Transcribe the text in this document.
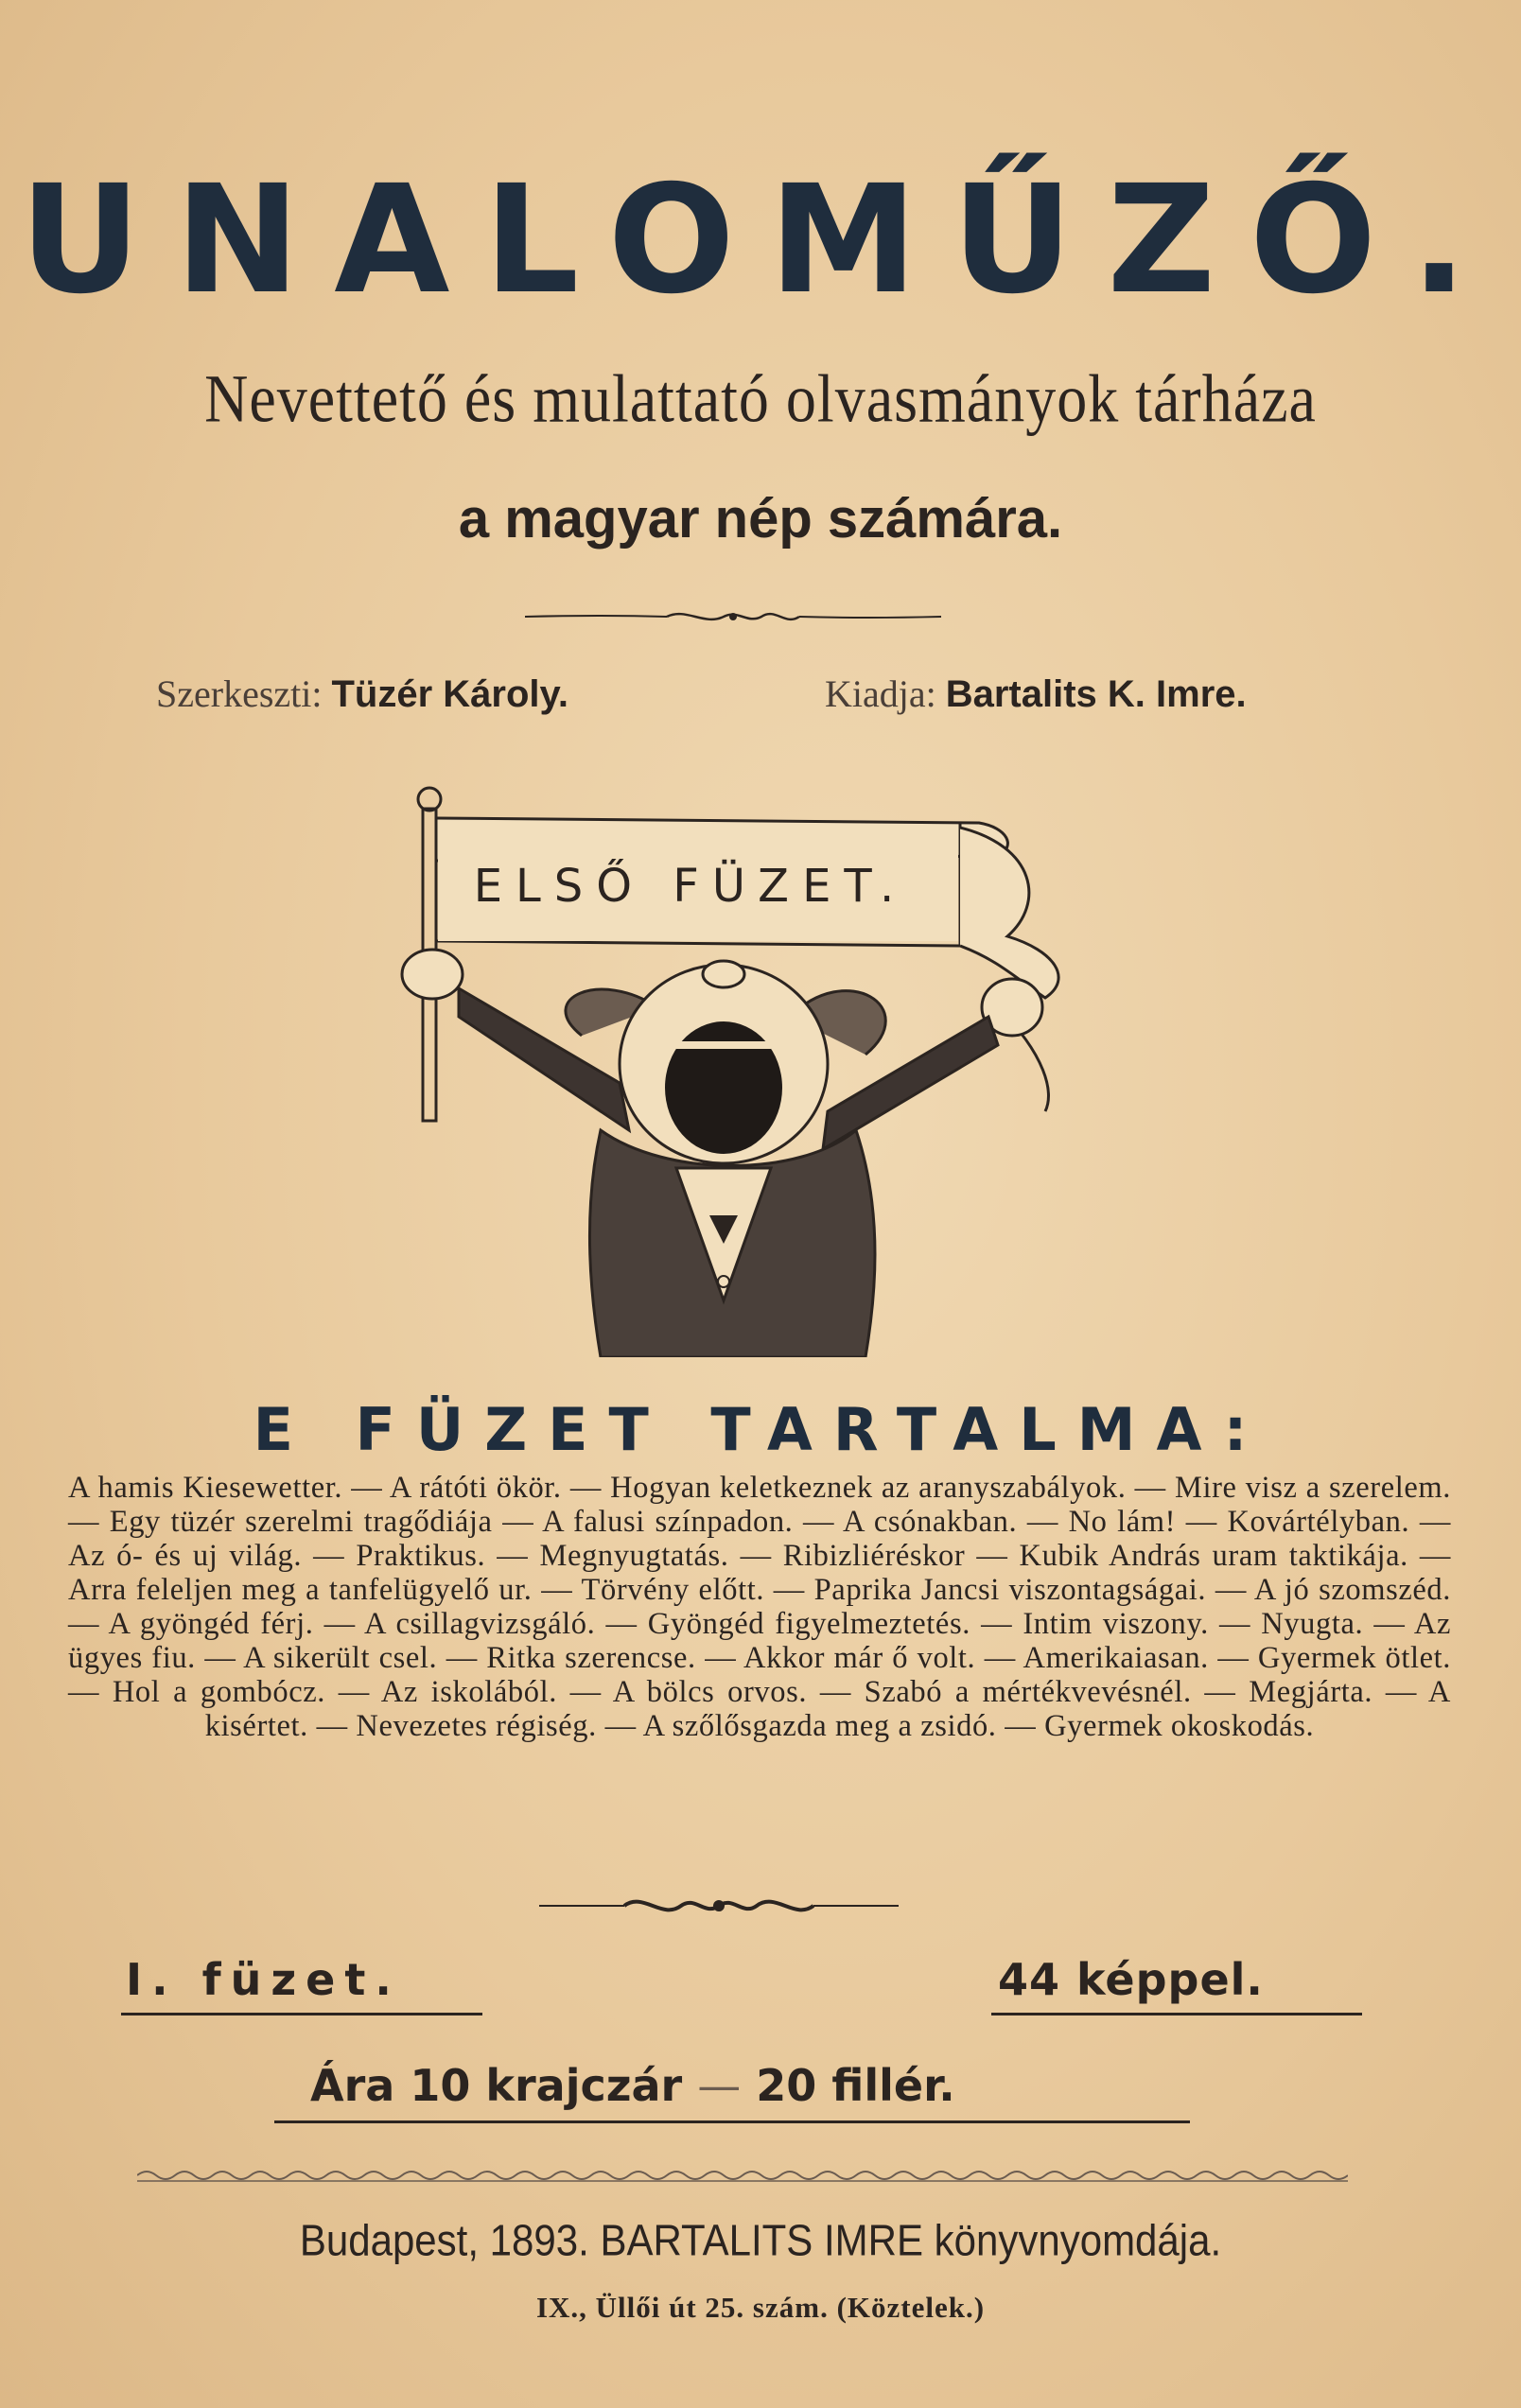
UNALOMŰZŐ.
Nevettető és mulattató olvasmányok tárháza
a magyar nép számára.
Szerkeszti: Tüzér Károly.	Kiadja: Bartalits K. Imre.
ELSŐ FÜZET.
E FÜZET TARTALMA:
A hamis Kiesewetter. — A rátóti ökör. — Hogyan keletkeznek az aranyszabályok. — Mire visz a szerelem. — Egy tüzér szerelmi tragődiája — A falusi színpadon. — A csónakban. — No lám! — Kovártélyban. — Az ó- és uj világ. — Praktikus. — Megnyugtatás. — Ribizliéréskor — Kubik András uram taktikája. — Arra feleljen meg a tanfelügyelő ur. — Törvény előtt. — Paprika Jancsi viszontagságai. — A jó szomszéd. — A gyöngéd férj. — A csillagvizsgáló. — Gyöngéd figyelmeztetés. — Intim viszony. — Nyugta. — Az ügyes fiu. — A sikerült csel. — Ritka szerencse. — Akkor már ő volt. — Amerikaiasan. — Gyermek ötlet. — Hol a gombócz. — Az iskolából. — A bölcs orvos. — Szabó a mértékvevésnél. — Megjárta. — A kisértet. — Nevezetes régiség. — A szőlősgazda meg a zsidó. — Gyermek okoskodás.
I. füzet.	44 képpel.
Ára 10 krajczár — 20 fillér.
Budapest, 1893. BARTALITS IMRE könyvnyomdája.
IX., Üllői út 25. szám. (Köztelek.)
